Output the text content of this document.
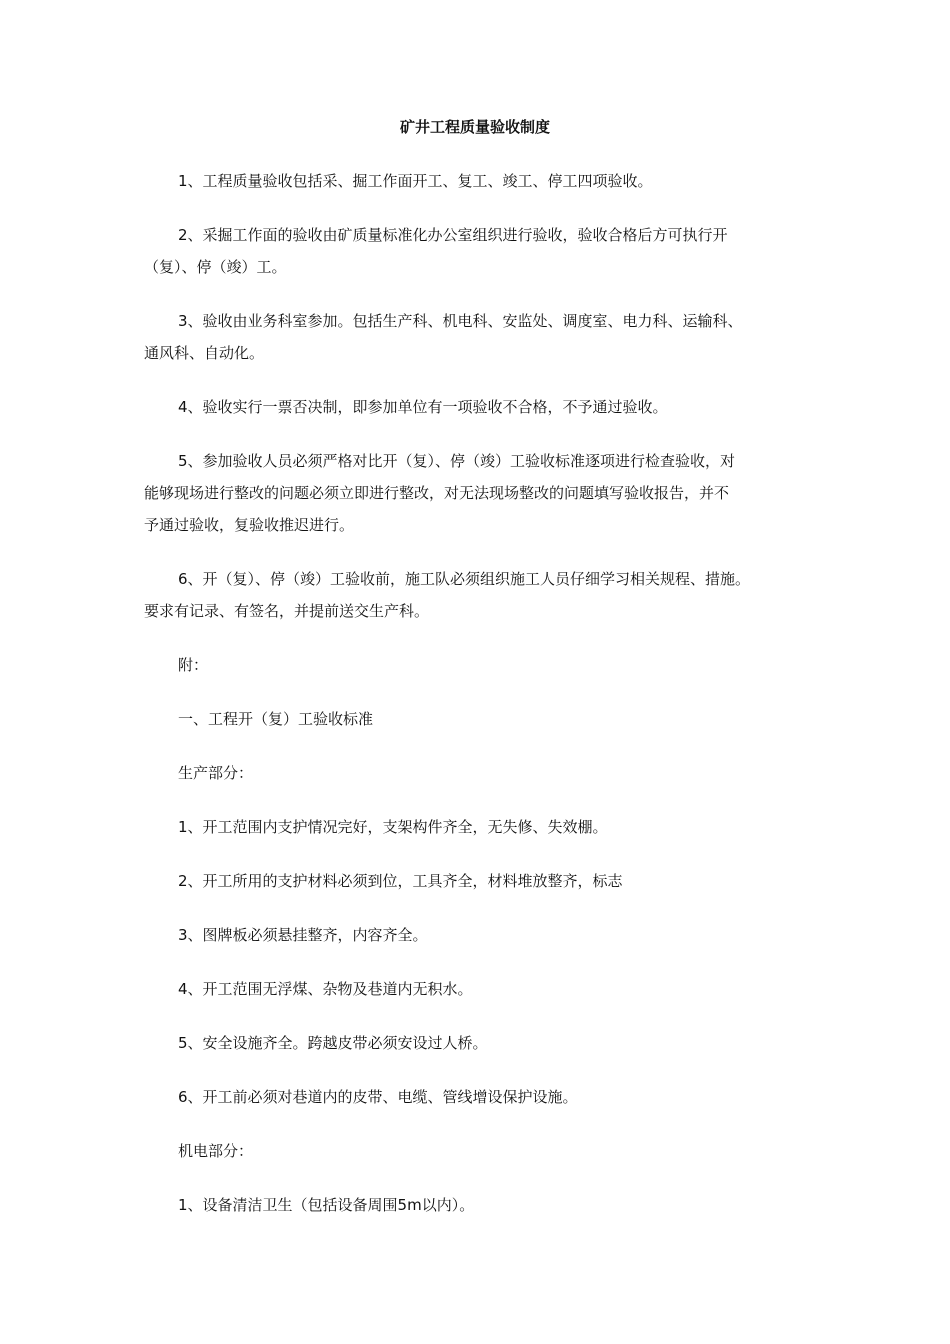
矿井工程质量验收制度
1、工程质量验收包括采、掘工作面开工、复工、竣工、停工四项验收。
2、采掘工作面的验收由矿质量标准化办公室组织进行验收，验收合格后方可执行开
（复）、停（竣）工。
3、验收由业务科室参加。包括生产科、机电科、安监处、调度室、电力科、运输科、
通风科、自动化。
4、验收实行一票否决制，即参加单位有一项验收不合格，不予通过验收。
5、参加验收人员必须严格对比开（复）、停（竣）工验收标准逐项进行检查验收，对
能够现场进行整改的问题必须立即进行整改，对无法现场整改的问题填写验收报告，并不
予通过验收，复验收推迟进行。
6、开（复）、停（竣）工验收前，施工队必须组织施工人员仔细学习相关规程、措施。
要求有记录、有签名，并提前送交生产科。
附：
一、工程开（复）工验收标准
生产部分：
1、开工范围内支护情况完好，支架构件齐全，无失修、失效棚。
2、开工所用的支护材料必须到位，工具齐全，材料堆放整齐，标志
3、图牌板必须悬挂整齐，内容齐全。
4、开工范围无浮煤、杂物及巷道内无积水。
5、安全设施齐全。跨越皮带必须安设过人桥。
6、开工前必须对巷道内的皮带、电缆、管线增设保护设施。
机电部分：
1、设备清洁卫生（包括设备周围5m以内）。
